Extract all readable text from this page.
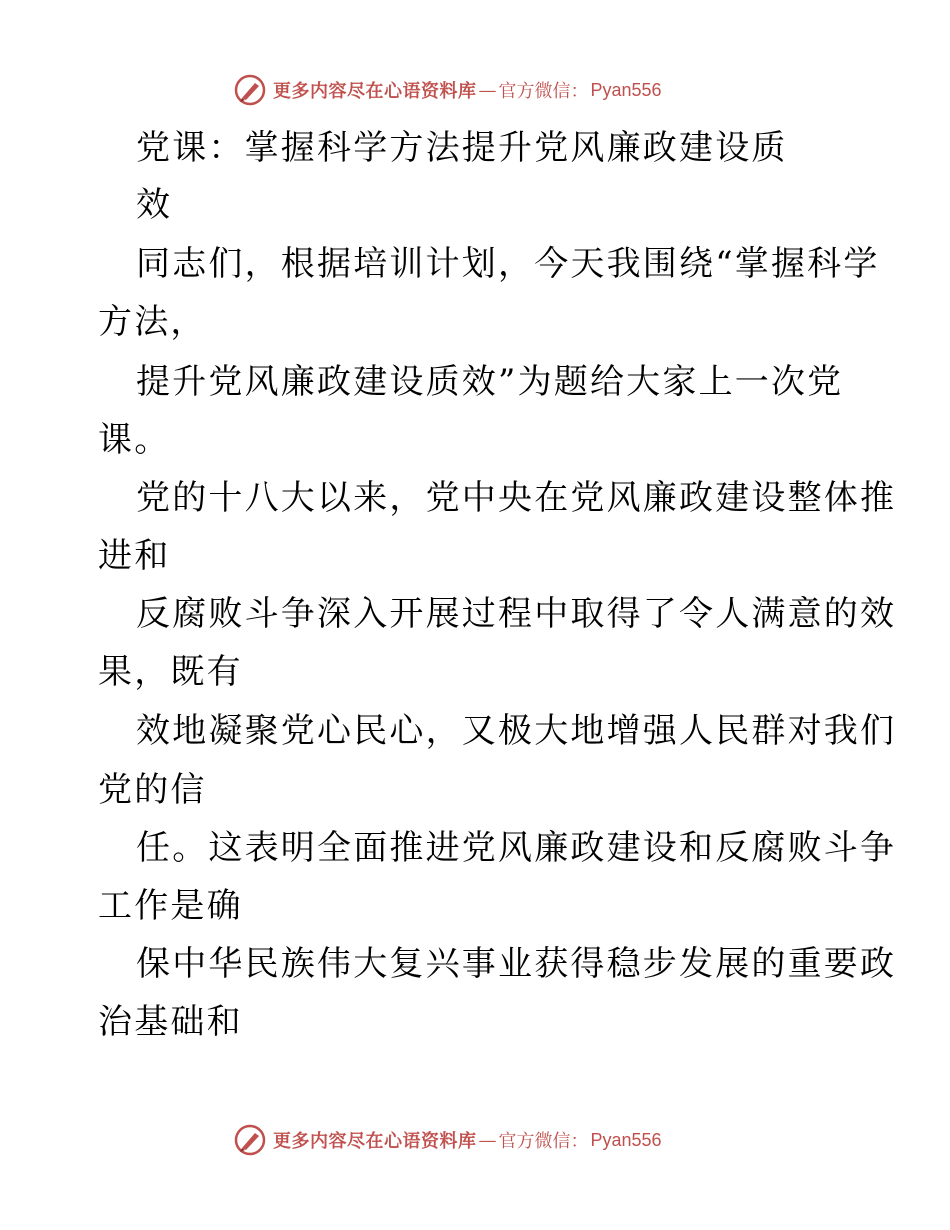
更多内容尽在心语资料库 — 官方微信： Pyan556
党课：掌握科学方法提升党风廉政建设质
效
同志们，根据培训计划，今天我围绕“掌握科学
方法，
提升党风廉政建设质效”为题给大家上一次党
课。
党的十八大以来，党中央在党风廉政建设整体推
进和
反腐败斗争深入开展过程中取得了令人满意的效
果，既有
效地凝聚党心民心，又极大地增强人民群对我们
党的信
任。这表明全面推进党风廉政建设和反腐败斗争
工作是确
保中华民族伟大复兴事业获得稳步发展的重要政
治基础和
更多内容尽在心语资料库 — 官方微信： Pyan556
